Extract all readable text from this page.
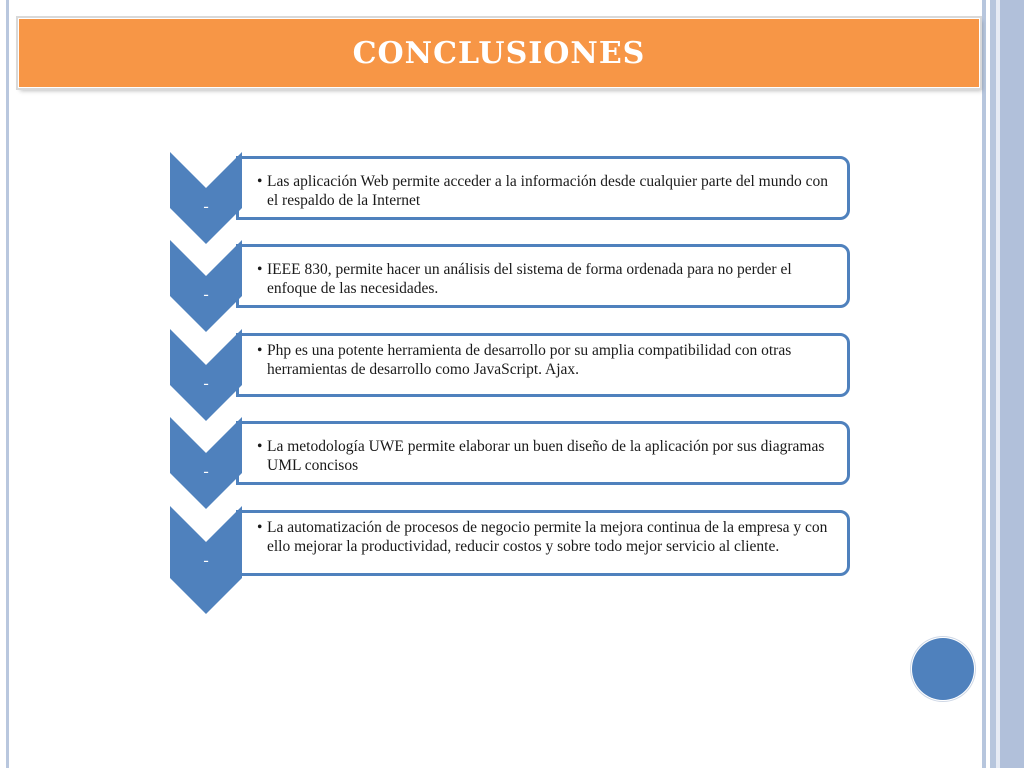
CONCLUSIONES
• Las aplicación Web permite acceder a la información desde cualquier parte del mundo con el respaldo de la Internet
-
• IEEE 830, permite hacer un análisis del sistema de forma ordenada para no perder el enfoque de las necesidades.
-
• Php es una potente herramienta de desarrollo por su amplia compatibilidad con otras herramientas de desarrollo como JavaScript. Ajax.
-
• La metodología UWE permite elaborar un buen diseño de la aplicación por sus diagramas UML concisos
-
• La automatización de procesos de negocio permite la mejora continua de la empresa y con ello mejorar la productividad, reducir costos y sobre todo mejor servicio al cliente.
-
